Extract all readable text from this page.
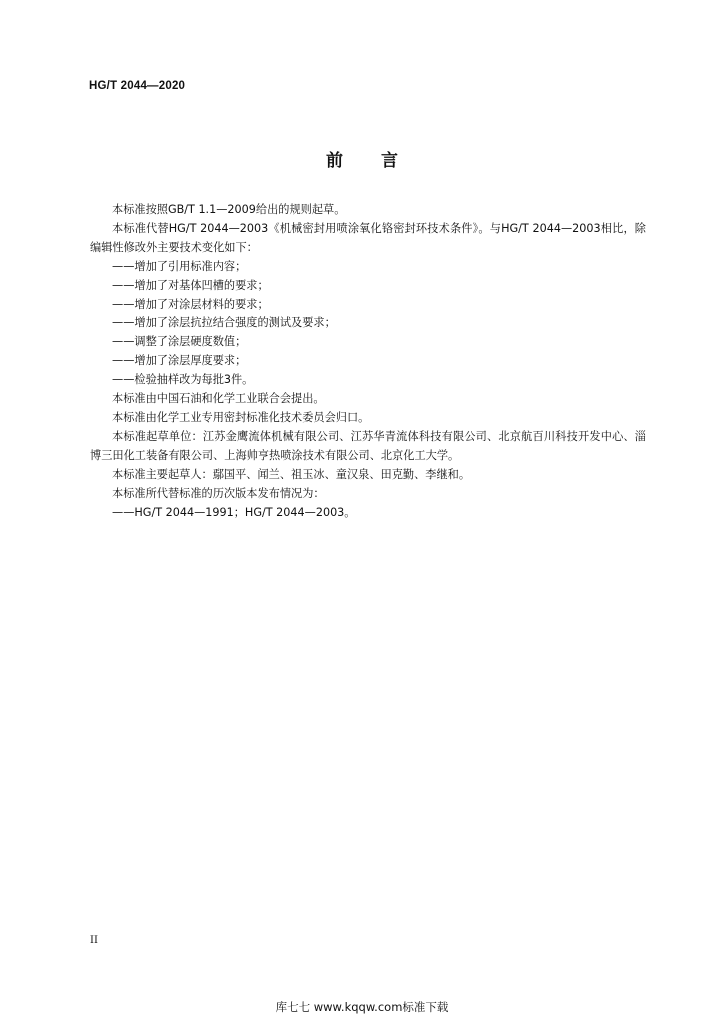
HG/T 2044—2020
前言

本标准按照GB/T 1.1—2009给出的规则起草。

本标准代替HG/T 2044—2003《机械密封用喷涂氧化铬密封环技术条件》。与HG/T 2044—2003相比，除编辑性修改外主要技术变化如下：

——增加了引用标准内容；

——增加了对基体凹槽的要求；

——增加了对涂层材料的要求；

——增加了涂层抗拉结合强度的测试及要求；

——调整了涂层硬度数值；

——增加了涂层厚度要求；

——检验抽样改为每批3件。

本标准由中国石油和化学工业联合会提出。

本标准由化学工业专用密封标准化技术委员会归口。

本标准起草单位：江苏金鹰流体机械有限公司、江苏华青流体科技有限公司、北京航百川科技开发中心、淄博三田化工装备有限公司、上海帅亨热喷涂技术有限公司、北京化工大学。

本标准主要起草人：鄢国平、闻兰、祖玉冰、童汉泉、田克勤、李继和。

本标准所代替标准的历次版本发布情况为：

——HG/T 2044—1991；HG/T 2044—2003。

II
库七七 www.kqqw.com标准下载
